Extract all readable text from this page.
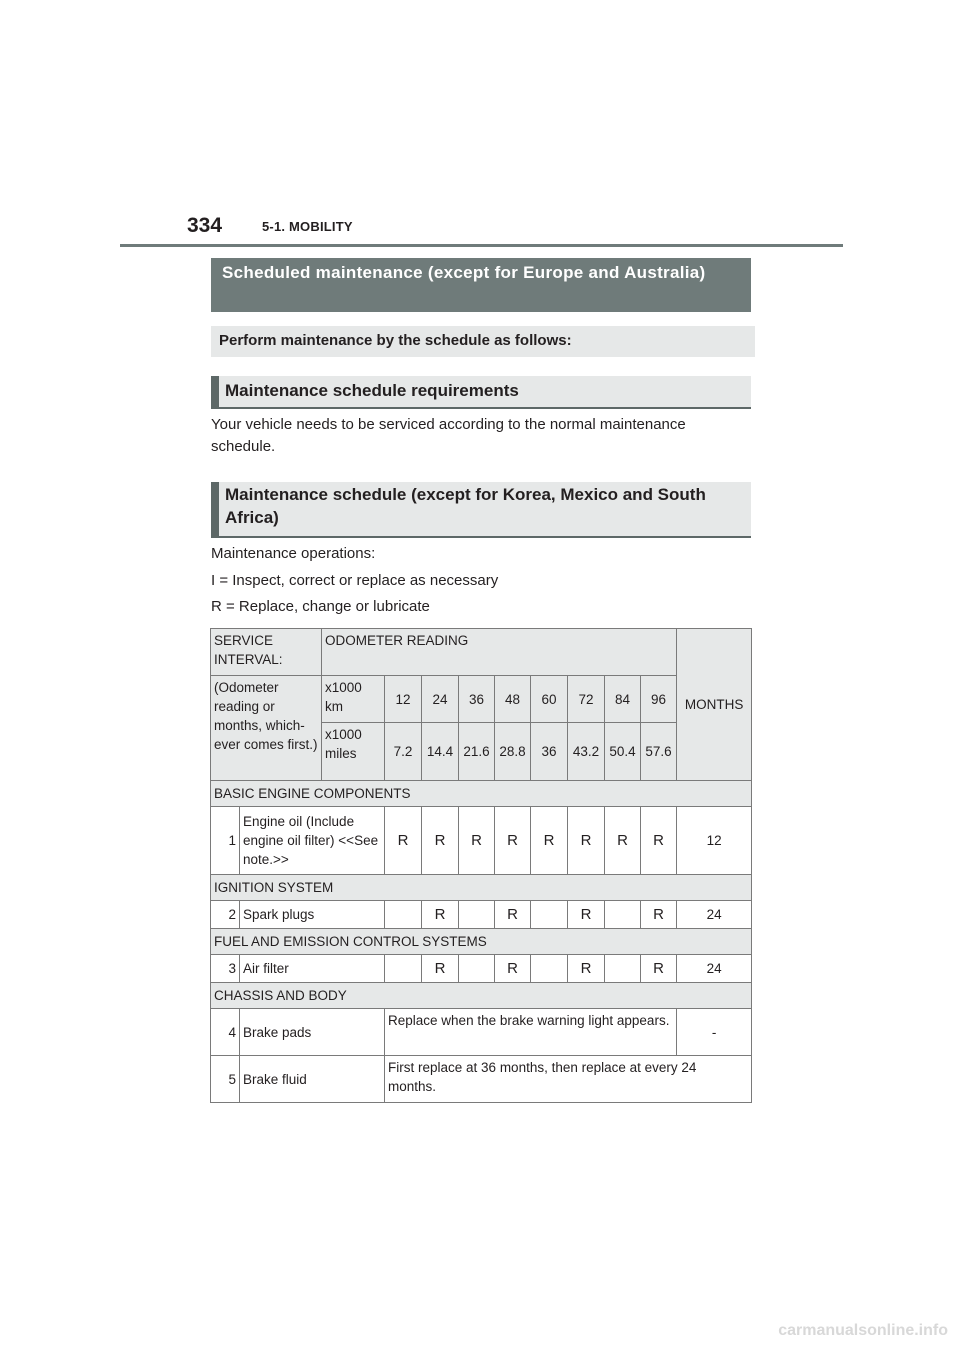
334	5-1. MOBILITY
Scheduled maintenance (except for Europe and Australia)
Perform maintenance by the schedule as follows:
Maintenance schedule requirements
Your vehicle needs to be serviced according to the normal maintenance schedule.
Maintenance schedule (except for Korea, Mexico and South Africa)
Maintenance operations:
I = Inspect, correct or replace as necessary
R = Replace, change or lubricate
SERVICE INTERVAL:		ODOMETER READING									MONTHS
(Odometer reading or months, which-ever comes first.)		x1000 km	12	24	36	48	60	72	84	96	
		x1000 miles	7.2	14.4	21.6	28.8	36	43.2	50.4	57.6	
BASIC ENGINE COMPONENTS											
1	Engine oil (Include engine oil filter) <<See note.>>		R	R	R	R	R	R	R	R	12
IGNITION SYSTEM											
2	Spark plugs			R		R		R		R	24
FUEL AND EMISSION CONTROL SYSTEMS											
3	Air filter			R		R		R		R	24
CHASSIS AND BODY											
4	Brake pads		Replace when the brake warning light appears.								-
5	Brake fluid		First replace at 36 months, then replace at every 24 months.								
carmanualsonline.info
